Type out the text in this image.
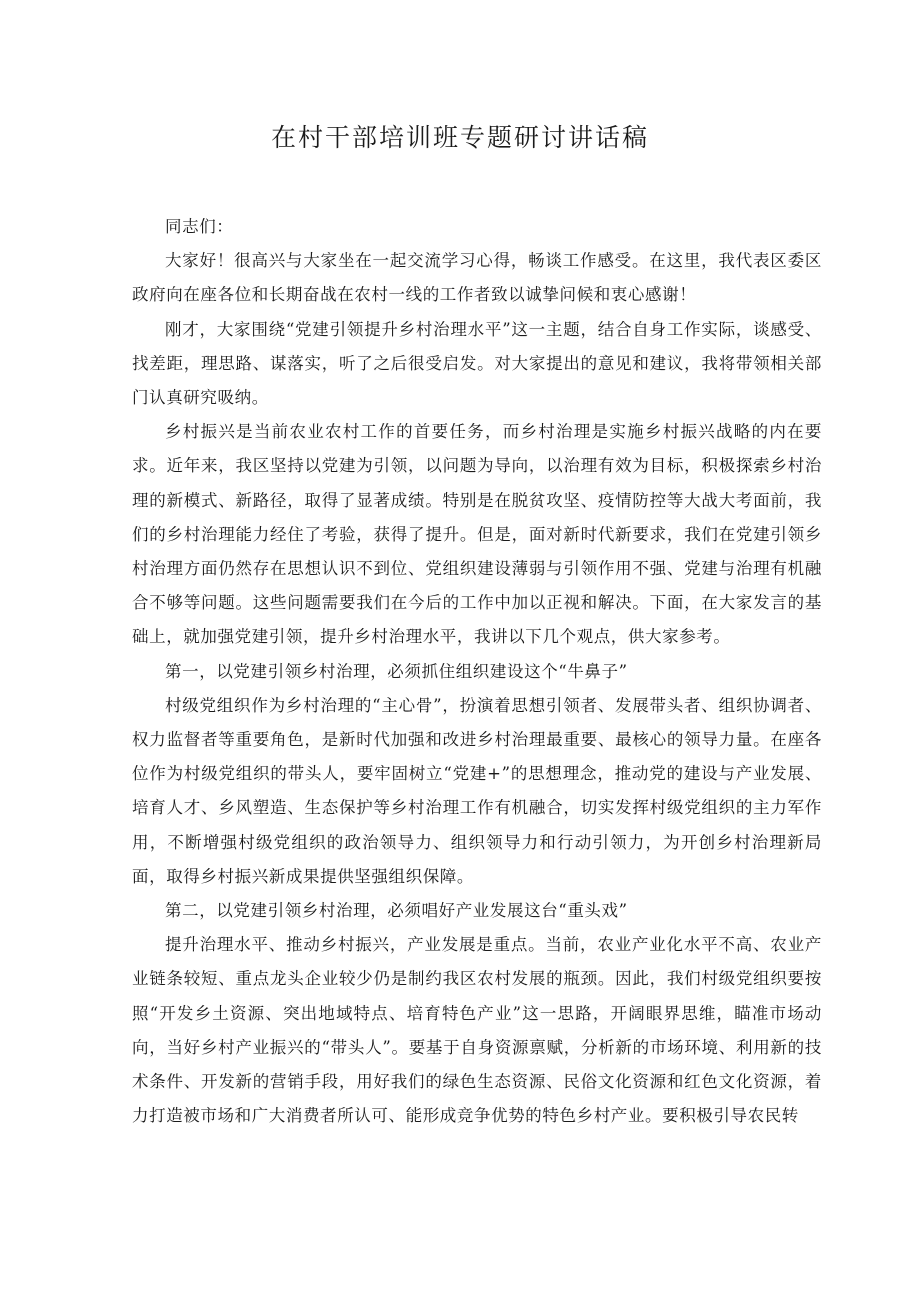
在村干部培训班专题研讨讲话稿

同志们：

大家好！很高兴与大家坐在一起交流学习心得，畅谈工作感受。在这里，我代表区委区政府向在座各位和长期奋战在农村一线的工作者致以诚挚问候和衷心感谢！

刚才，大家围绕“党建引领提升乡村治理水平”这一主题，结合自身工作实际，谈感受、找差距，理思路、谋落实，听了之后很受启发。对大家提出的意见和建议，我将带领相关部门认真研究吸纳。

乡村振兴是当前农业农村工作的首要任务，而乡村治理是实施乡村振兴战略的内在要求。近年来，我区坚持以党建为引领，以问题为导向，以治理有效为目标，积极探索乡村治理的新模式、新路径，取得了显著成绩。特别是在脱贫攻坚、疫情防控等大战大考面前，我们的乡村治理能力经住了考验，获得了提升。但是，面对新时代新要求，我们在党建引领乡村治理方面仍然存在思想认识不到位、党组织建设薄弱与引领作用不强、党建与治理有机融合不够等问题。这些问题需要我们在今后的工作中加以正视和解决。下面，在大家发言的基础上，就加强党建引领，提升乡村治理水平，我讲以下几个观点，供大家参考。

第一，以党建引领乡村治理，必须抓住组织建设这个“牛鼻子”

村级党组织作为乡村治理的“主心骨”，扮演着思想引领者、发展带头者、组织协调者、权力监督者等重要角色，是新时代加强和改进乡村治理最重要、最核心的领导力量。在座各位作为村级党组织的带头人，要牢固树立“党建+”的思想理念，推动党的建设与产业发展、培育人才、乡风塑造、生态保护等乡村治理工作有机融合，切实发挥村级党组织的主力军作用，不断增强村级党组织的政治领导力、组织领导力和行动引领力，为开创乡村治理新局面，取得乡村振兴新成果提供坚强组织保障。

第二，以党建引领乡村治理，必须唱好产业发展这台“重头戏”

提升治理水平、推动乡村振兴，产业发展是重点。当前，农业产业化水平不高、农业产业链条较短、重点龙头企业较少仍是制约我区农村发展的瓶颈。因此，我们村级党组织要按照“开发乡土资源、突出地域特点、培育特色产业”这一思路，开阔眼界思维，瞄准市场动向，当好乡村产业振兴的“带头人”。要基于自身资源禀赋，分析新的市场环境、利用新的技术条件、开发新的营销手段，用好我们的绿色生态资源、民俗文化资源和红色文化资源，着力打造被市场和广大消费者所认可、能形成竞争优势的特色乡村产业。要积极引导农民转
